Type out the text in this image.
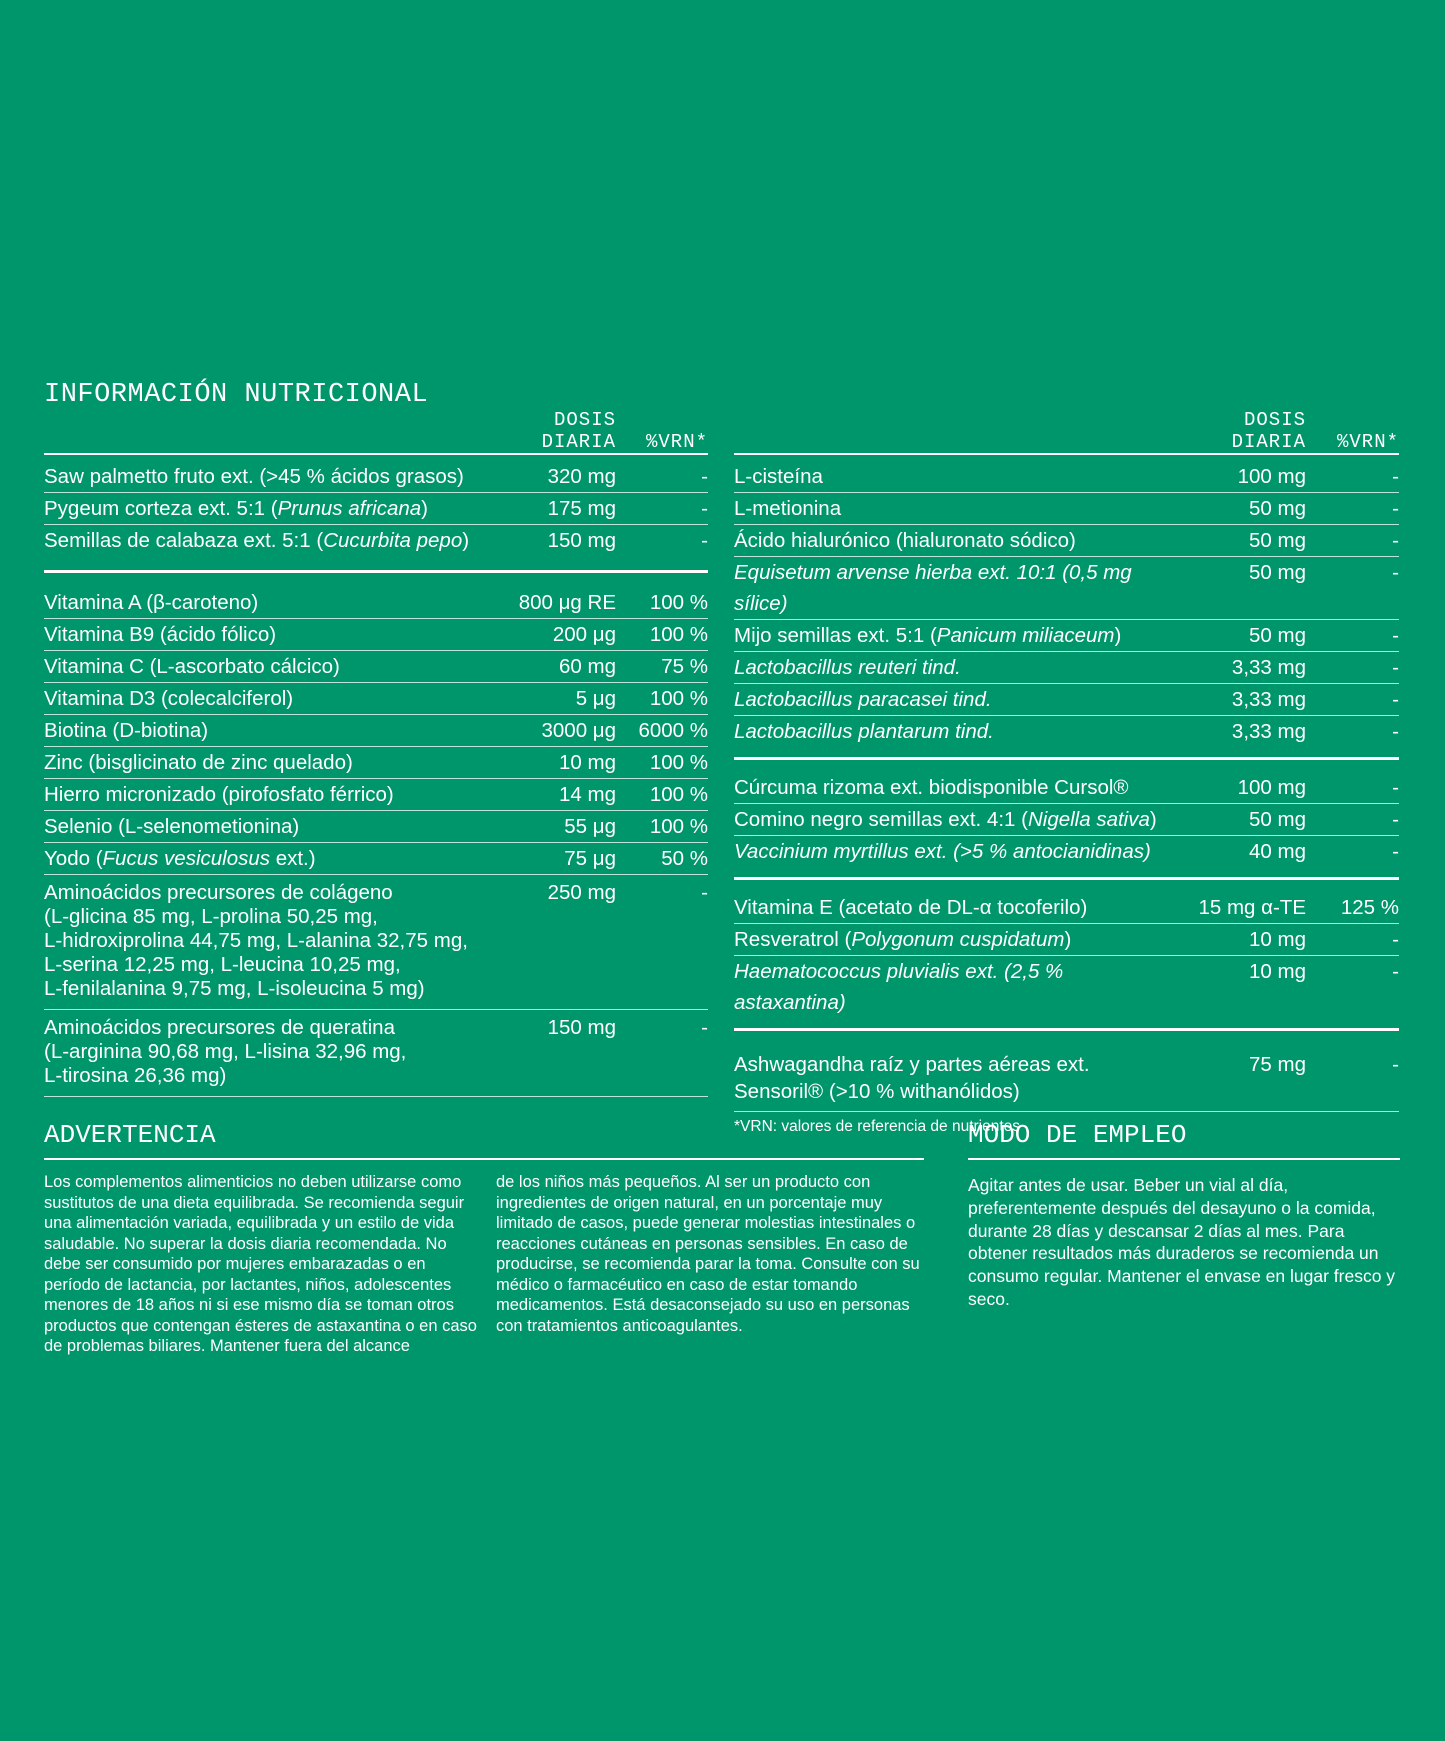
INFORMACIÓN NUTRICIONAL
DOSIS DIARIA	%VRN*
Saw palmetto fruto ext. (>45 % ácidos grasos)	320 mg	-
Pygeum corteza ext. 5:1 (Prunus africana)	175 mg	-
Semillas de calabaza ext. 5:1 (Cucurbita pepo)	150 mg	-
Vitamina A (β-caroteno)	800 μg RE	100 %
Vitamina B9 (ácido fólico)	200 μg	100 %
Vitamina C (L-ascorbato cálcico)	60 mg	75 %
Vitamina D3 (colecalciferol)	5 μg	100 %
Biotina (D-biotina)	3000 μg	6000 %
Zinc (bisglicinato de zinc quelado)	10 mg	100 %
Hierro micronizado (pirofosfato férrico)	14 mg	100 %
Selenio (L-selenometionina)	55 μg	100 %
Yodo (Fucus vesiculosus ext.)	75 μg	50 %
Aminoácidos precursores de colágeno
(L-glicina 85 mg, L-prolina 50,25 mg,
L-hidroxiprolina 44,75 mg, L-alanina 32,75 mg,
L-serina 12,25 mg, L-leucina 10,25 mg,
L-fenilalanina 9,75 mg, L-isoleucina 5 mg)
250 mg	-
Aminoácidos precursores de queratina
(L-arginina 90,68 mg, L-lisina 32,96 mg,
L-tirosina 26,36 mg)
150 mg	-
DOSIS DIARIA	%VRN*
L-cisteína	100 mg	-
L-metionina	50 mg	-
Ácido hialurónico (hialuronato sódico)	50 mg	-
Equisetum arvense hierba ext. 10:1 (0,5 mg sílice)
50 mg	-
Mijo semillas ext. 5:1 (Panicum miliaceum)	50 mg	-
Lactobacillus reuteri tind.	3,33 mg	-
Lactobacillus paracasei tind.	3,33 mg	-
Lactobacillus plantarum tind.	3,33 mg	-
Cúrcuma rizoma ext. biodisponible Cursol®	100 mg	-
Comino negro semillas ext. 4:1 (Nigella sativa)	50 mg	-
Vaccinium myrtillus ext. (>5 % antocianidinas)	40 mg	-
Vitamina E (acetato de DL-α tocoferilo)	15 mg α-TE	125 %
Resveratrol (Polygonum cuspidatum)	10 mg	-
Haematococcus pluvialis ext. (2,5 % astaxantina)
10 mg	-
Ashwagandha raíz y partes aéreas ext.
Sensoril® (>10 % withanólidos)
75 mg	-
*VRN: valores de referencia de nutrientes
ADVERTENCIA

Los complementos alimenticios no deben utilizarse como sustitutos de una dieta equilibrada. Se recomienda seguir una alimentación variada, equilibrada y un estilo de vida saludable. No superar la dosis diaria recomendada. No debe ser consumido por mujeres embarazadas o en período de lactancia, por lactantes, niños, adolescentes menores de 18 años ni si ese mismo día se toman otros productos que contengan ésteres de astaxantina o en caso de problemas biliares. Mantener fuera del alcance

de los niños más pequeños. Al ser un producto con ingredientes de origen natural, en un porcentaje muy limitado de casos, puede generar molestias intestinales o reacciones cutáneas en personas sensibles. En caso de producirse, se recomienda parar la toma. Consulte con su médico o farmacéutico en caso de estar tomando medicamentos. Está desaconsejado su uso en personas con tratamientos anticoagulantes.

MODO DE EMPLEO

Agitar antes de usar. Beber un vial al día, preferentemente después del desayuno o la comida, durante 28 días y descansar 2 días al mes. Para obtener resultados más duraderos se recomienda un consumo regular. Mantener el envase en lugar fresco y seco.
